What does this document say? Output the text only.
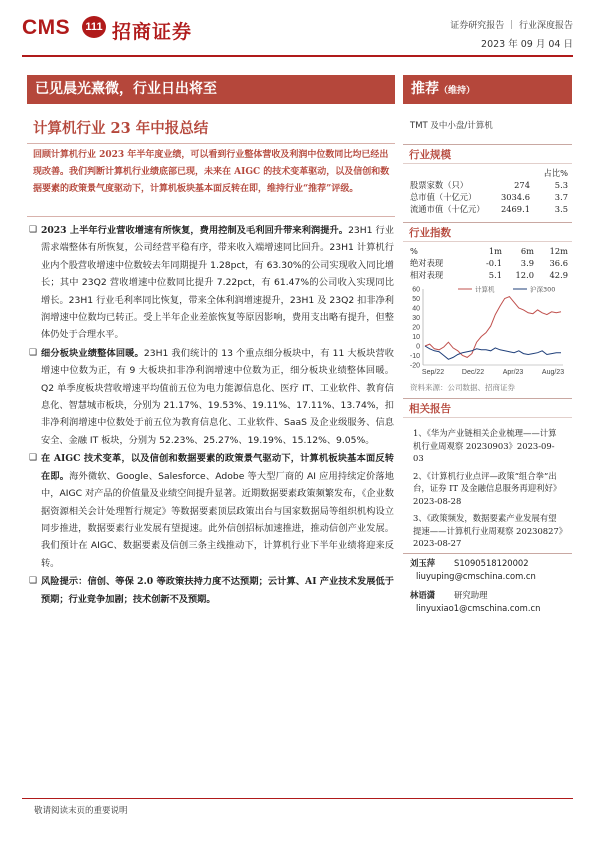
CMS	111 招商证券	证券研究报告 ｜ 行业深度报告
2023 年 09 月 04 日
已见晨光熹微，行业日出将至
计算机行业 23 年中报总结
回顾计算机行业 2023 年半年度业绩，可以看到行业整体营收及利润中位数同比均已经出现改善。我们判断计算机行业绩底部已现，未来在 AIGC 的技术变革驱动，以及信创和数据要素的政策景气度驱动下，计算机板块基本面反转在即，维持行业“推荐”评级。
❑ 2023 上半年行业营收增速有所恢复，费用控制及毛利回升带来利润提升。23H1 行业需求端整体有所恢复，公司经营平稳有序，带来收入端增速同比回升。23H1 计算机行业内个股营收增速中位数较去年同期提升 1.28pct，有 63.30%的公司实现收入同比增长；其中 23Q2 营收增速中位数同比提升 7.22pct，有 61.47%的公司收入实现同比增长。23H1 行业毛利率同比恢复，带来全体利润增速提升，23H1 及 23Q2 扣非净利润增速中位数均已转正。受上半年企业差旅恢复等原因影响，费用支出略有提升，但整体仍处于合理水平。
❑ 细分板块业绩整体回暖。23H1 我们统计的 13 个重点细分板块中，有 11 大板块营收增速中位数为正，有 9 大板块扣非净利润增速中位数为正，细分板块业绩整体回暖。Q2 单季度板块营收增速平均值前五位为电力能源信息化、医疗 IT、工业软件、教育信息化、智慧城市板块，分别为 21.17%、19.53%、19.11%、17.11%、13.74%，扣非净利润增速中位数处于前五位为教育信息化、工业软件、SaaS 及企业级服务、信息安全、金融 IT 板块，分别为 52.23%、25.27%、19.19%、15.12%、9.05%。
❑ 在 AIGC 技术变革，以及信创和数据要素的政策景气驱动下，计算机板块基本面反转在即。海外微软、Google、Salesforce、Adobe 等大型厂商的 AI 应用持续定价落地中，AIGC 对产品的价值量及业绩空间提升显著。近期数据要素政策频繁发布，《企业数据资源相关会计处理暂行规定》等数据要素顶层政策出台与国家数据局等组织机构设立同步推进，数据要素行业发展有望提速。此外信创招标加速推进，推动信创产业发展。我们预计在 AIGC、数据要素及信创三条主线推动下，计算机行业下半年业绩将迎来反转。
❑ 风险提示：信创、等保 2.0 等政策扶持力度不达预期；云计算、AI 产业技术发展低于预期；行业竞争加剧；技术创新不及预期。
推荐（维持）
TMT 及中小盘/计算机
行业规模
		占比%
股票家数（只）	274	5.3
总市值（十亿元）	3034.6	3.7
流通市值（十亿元）	2469.1	3.5
行业指数
%	1m	6m	12m
绝对表现	-0.1	3.9	36.6
相对表现	5.1	12.0	42.9
60
50
40
30
20
10
0
-10
-20
Sep/22	Dec/22	Apr/23	Aug/23
计算机	沪深300
资料来源：公司数据、招商证券
相关报告
1、《华为产业链相关企业梳理——计算机行业周观察 20230903》2023-09-03
2、《计算机行业点评—政策“组合拳”出台，证券 IT 及金融信息服务再迎利好》2023-08-28
3、《政策频发，数据要素产业发展有望提速——计算机行业周观察 20230827》2023-08-27
刘玉萍	S1090518120002
liuyuping@cmschina.com.cn
林语潇	研究助理
linyuxiao1@cmschina.com.cn
敬请阅读末页的重要说明
